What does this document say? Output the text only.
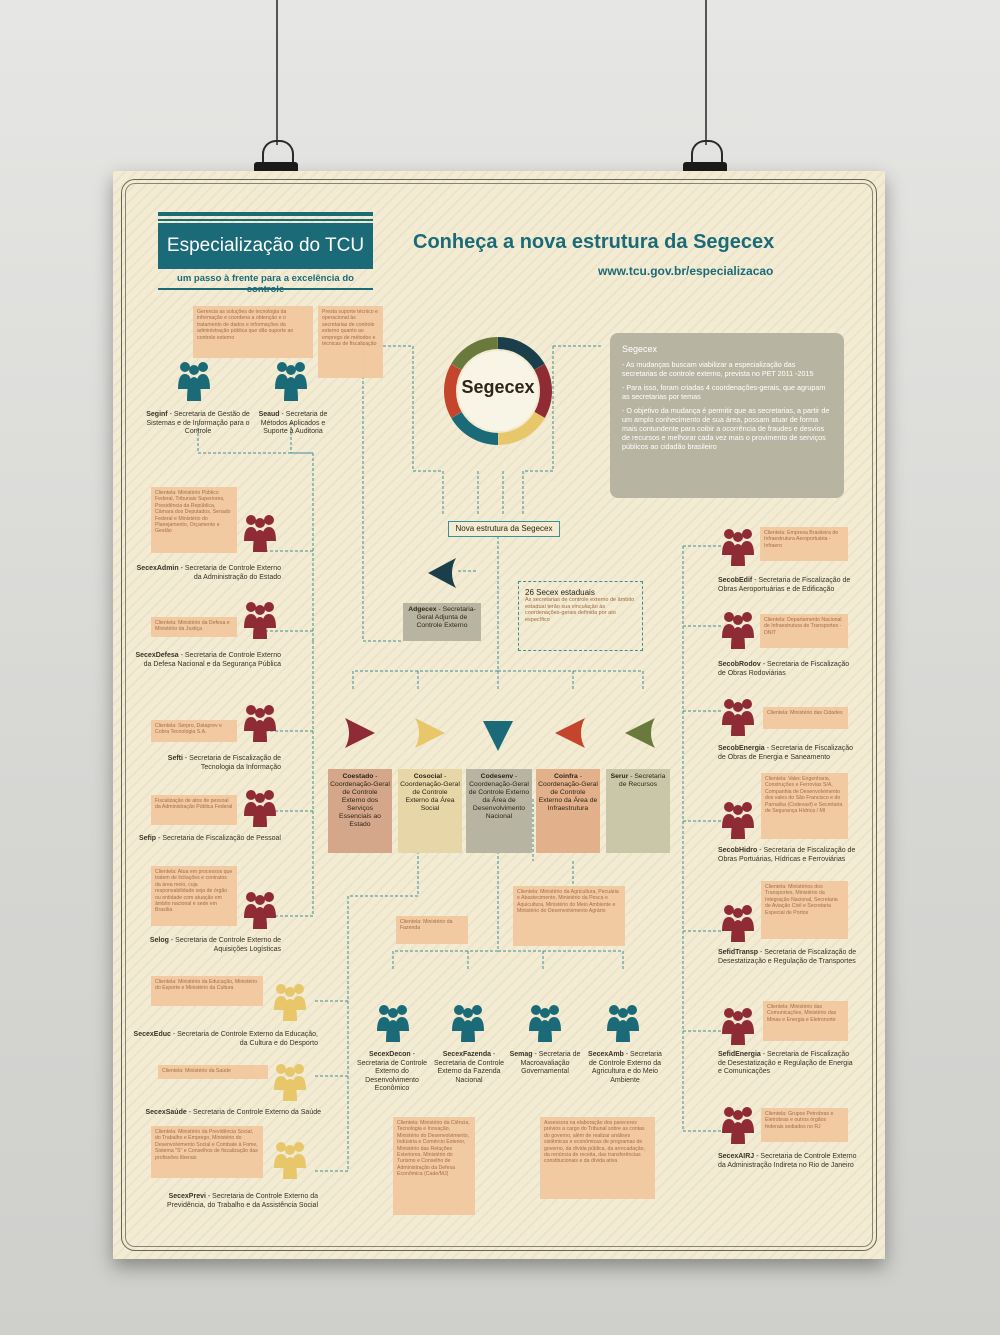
Especialização do TCU
um passo à frente para a excelência do
Conheça a nova estrutura da Segecex
www.tcu.gov.br/especializacao
Gerencia as soluções de tecnologia da informação e coordena a obtenção e o tratamento de dados e informações da administração pública que dão suporte ao controle externo
Presta suporte técnico e operacional às secretarias de controle externo quanto ao emprego de métodos e técnicas de fiscalização
Seginf - Secretaria de Gestão de Sistemas e de Informação para o Controle
Seaud - Secretaria de Métodos Aplicados e Suporte à Auditoria
Segecex
Nova estrutura da Segecex
Segecex

- As mudanças buscam viabilizar a especialização das secretarias de controle externo, prevista no PET 2011 -2015

- Para isso, foram criadas 4 coordenações-gerais, que agrupam as secretarias por temas

- O objetivo da mudança é permitir que as secretarias, a partir de um amplo conhecimento de sua área, possam atuar de forma mais contundente para coibir a ocorrência de fraudes e desvios de recursos e melhorar cada vez mais o provimento de serviços públicos ao cidadão brasileiro

Adgecex - Secretaria-Geral Adjunta de Controle Externo
26 Secex estaduais
As secretarias de controle externo de âmbito estadual terão sua vinculação às coordenações-gerais definida por ato específico
Coestado - Coordenação-Geral de Controle Externo dos Serviços Essenciais ao Estado
Cosocial - Coordenação-Geral de Controle Externo da Área Social
Codesenv - Coordenação-Geral de Controle Externo da Área de Desenvolvimento Nacional
Coinfra - Coordenação-Geral de Controle Externo da Área de Infraestrutura
Serur - Secretaria de Recursos
Clientela: Ministério Público Federal, Tribunais Superiores, Presidência da República, Câmara dos Deputados, Senado Federal e Ministério do Planejamento, Orçamento e Gestão
SecexAdmin - Secretaria de Controle Externo da Administração do Estado
Clientela: Ministério da Defesa e Ministério da Justiça
SecexDefesa - Secretaria de Controle Externo da Defesa Nacional e da Segurança Pública
Clientela: Serpro, Dataprev e Cobra Tecnologia S.A.
Sefti - Secretaria de Fiscalização de Tecnologia da Informação
Fiscalização de atos de pessoal da Administração Pública Federal
Sefip - Secretaria de Fiscalização de Pessoal
Clientela: Atua em processos que tratem de licitações e contratos da área meio, cuja responsabilidade seja de órgão ou entidade com atuação em âmbito nacional e sede em Brasília
Selog - Secretaria de Controle Externo de Aquisições Logísticas
Clientela: Ministério da Educação, Ministério do Esporte e Ministério da Cultura
SecexEduc - Secretaria de Controle Externo da Educação, da Cultura e do Desporto
Clientela: Ministério da Saúde
SecexSaúde - Secretaria de Controle Externo da Saúde
Clientela: Ministério da Previdência Social, do Trabalho e Emprego, Ministério do Desenvolvimento Social e Combate à Fome, Sistema "S" e Conselhos de fiscalização das profissões liberais
SecexPrevi - Secretaria de Controle Externo da Previdência, do Trabalho e da Assistência Social
Clientela: Empresa Brasileira de Infraestrutura Aeroportuária - Infraero
SecobEdif - Secretaria de Fiscalização de Obras Aeroportuárias e de Edificação
Clientela: Departamento Nacional de Infraestrutura de Transportes - DNIT
SecobRodov - Secretaria de Fiscalização de Obras Rodoviárias
Clientela: Ministério das Cidades
SecobEnergia - Secretaria de Fiscalização de Obras de Energia e Saneamento
Clientela: Valec Engenharia, Construções e Ferrovias S/A, Companhia de Desenvolvimento dos vales do São Francisco e do Parnaíba (Codevasf) e Secretaria de Segurança Hídrica / MI
SecobHidro - Secretaria de Fiscalização de Obras Portuárias, Hídricas e Ferroviárias
Clientela: Ministérios dos Transportes, Ministério da Integração Nacional, Secretaria de Aviação Civil e Secretaria Especial de Portos
SefidTransp - Secretaria de Fiscalização de Desestatização e Regulação de Transportes
Clientela: Ministério das Comunicações, Ministério das Minas e Energia e Eletronorte
SefidEnergia - Secretaria de Fiscalização de Desestatização e Regulação de Energia e Comunicações
Clientela: Grupos Petrobras e Eletrobras e outros órgãos federais sediados no RJ
SecexAIRJ - Secretaria de Controle Externo da Administração Indireta no Rio de Janeiro
Clientela: Ministério da Fazenda
Clientela: Ministério da Agricultura, Pecuária e Abastecimento, Ministério da Pesca e Aquicultura, Ministério do Meio Ambiente e Ministério do Desenvolvimento Agrário
SecexDecon - Secretaria de Controle Externo do Desenvolvimento Econômico
SecexFazenda - Secretaria de Controle Externo da Fazenda Nacional
Semag - Secretaria de Macroavaliação Governamental
SecexAmb - Secretaria de Controle Externo da Agricultura e do Meio Ambiente
Clientela: Ministério da Ciência, Tecnologia e Inovação, Ministério do Desenvolvimento, Indústria e Comércio Exterior, Ministério das Relações Exteriores, Ministério do Turismo e Conselho de Administração da Defesa Econômica (Cade/MJ)
Assessora na elaboração dos pareceres prévios a cargo do Tribunal sobre as contas do governo, além de realizar análises sistêmicas e econômicas de programas de governo, da dívida pública, da arrecadação, da renúncia de receita, das transferências constitucionais e da dívida ativa
